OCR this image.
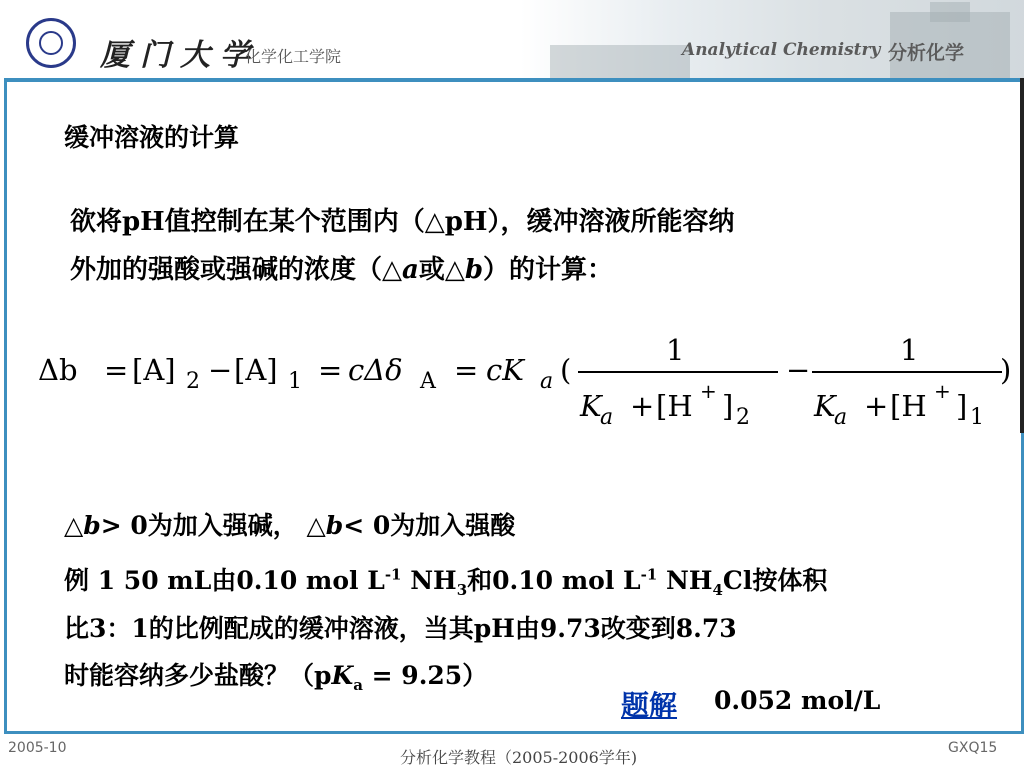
厦门大学
化学化工学院	Analytical Chemistry 分析化学
缓冲溶液的计算
欲将pH值控制在某个范围内（△pH），缓冲溶液所能容纳
外加的强酸或强碱的浓度（△a或△b）的计算：
Δb = [A] 2 − [A] 1 = cΔδ A = cK a (
1
K
a + [H + ] 2
−
1
K
a + [H + ] 1
)
△b> 0为加入强碱， △b< 0为加入强酸
例 1 50 mL由0.10 mol $L^{-1}$ $NH_3$和0.10 mol $L^{-1}$ $NH_4Cl$按体积
比3：1的比例配成的缓冲溶液，当其pH由9.73改变到8.73
时能容纳多少盐酸？$(pK_a = 9.25)$
题解 0.052 mol/L
2005-10	分析化学教程（2005-2006学年)	GXQ15
